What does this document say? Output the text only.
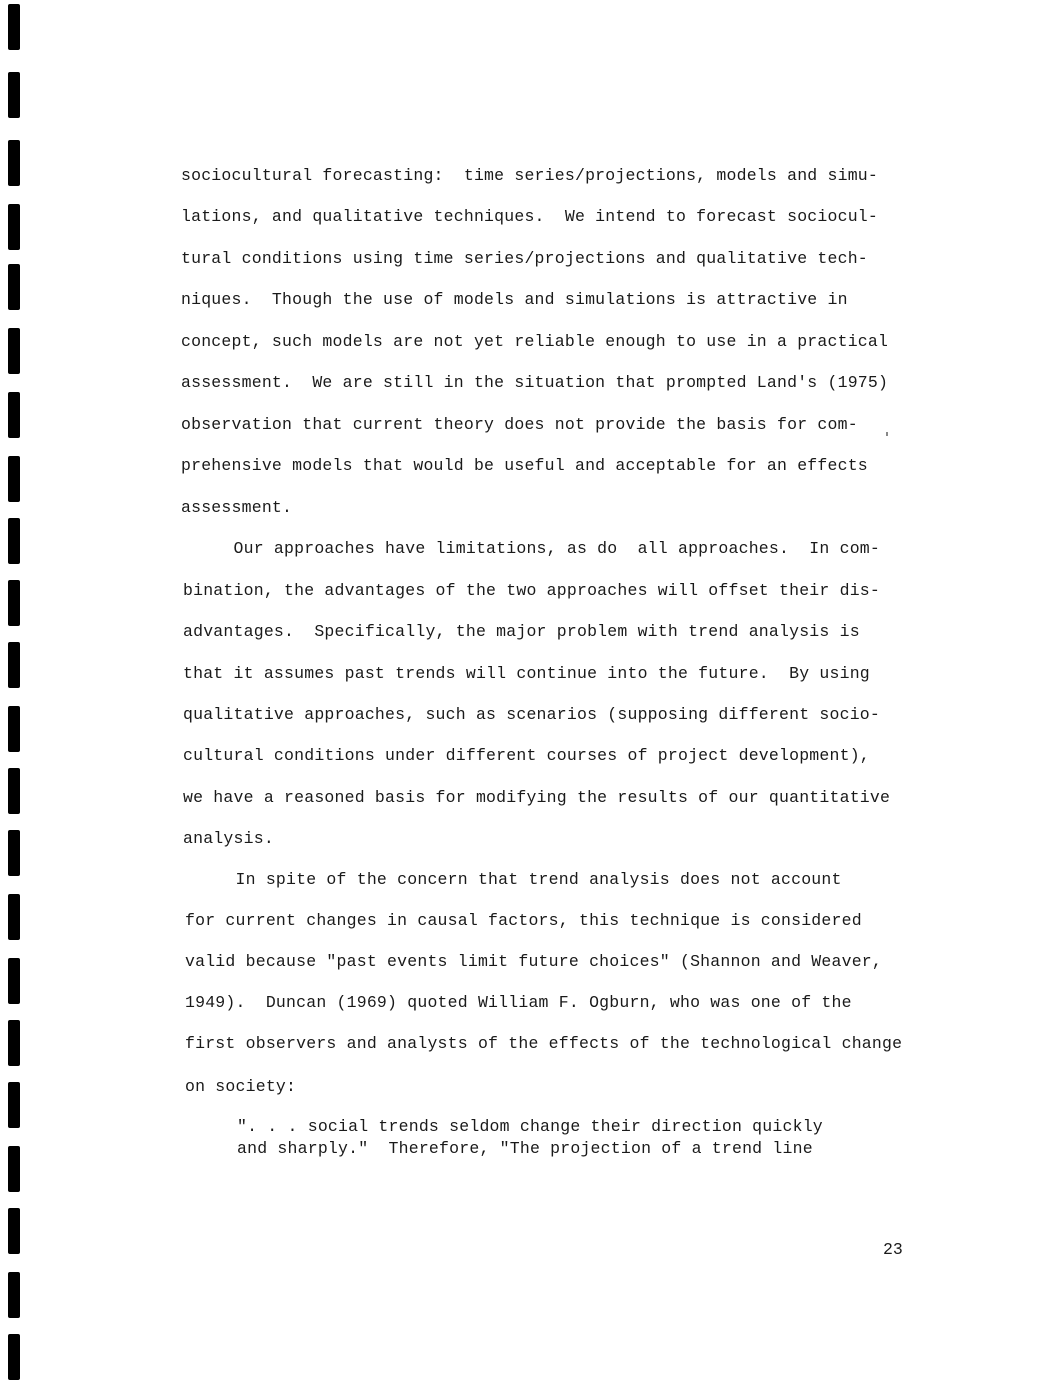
sociocultural forecasting:  time series/projections, models and simu-
lations, and qualitative techniques.  We intend to forecast sociocul-
tural conditions using time series/projections and qualitative tech-
niques.  Though the use of models and simulations is attractive in
concept, such models are not yet reliable enough to use in a practical
assessment.  We are still in the situation that prompted Land's (1975)
observation that current theory does not provide the basis for com-
prehensive models that would be useful and acceptable for an effects
assessment.
Our approaches have limitations, as do  all approaches.  In com-
bination, the advantages of the two approaches will offset their dis-
advantages.  Specifically, the major problem with trend analysis is
that it assumes past trends will continue into the future.  By using
qualitative approaches, such as scenarios (supposing different socio-
cultural conditions under different courses of project development),
we have a reasoned basis for modifying the results of our quantitative
analysis.
In spite of the concern that trend analysis does not account
for current changes in causal factors, this technique is considered
valid because "past events limit future choices" (Shannon and Weaver,
1949).  Duncan (1969) quoted William F. Ogburn, who was one of the
first observers and analysts of the effects of the technological change
on society:
". . . social trends seldom change their direction quickly
and sharply."  Therefore, "The projection of a trend line
23
